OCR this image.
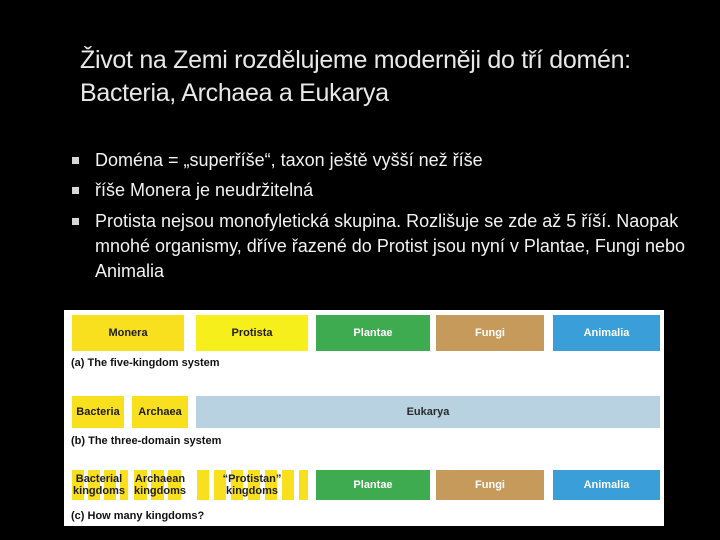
Život na Zemi rozdělujeme moderněji do tří domén: Bacteria, Archaea a Eukarya
Doména = „superříše“, taxon ještě vyšší než říše
říše Monera je neudržitelná
Protista nejsou monofyletická skupina. Rozlišuje se zde až 5 říší. Naopak mnohé organismy, dříve řazené do Protist jsou nyní v Plantae, Fungi nebo Animalia
Monera	Protista	Plantae	Fungi	Animalia
(a) The five-kingdom system
Bacteria	Archaea	Eukarya
(b) The three-domain system
Bacterial kingdoms
Archaean kingdoms
“Protistan” kingdoms	Plantae	Fungi	Animalia
(c) How many kingdoms?
